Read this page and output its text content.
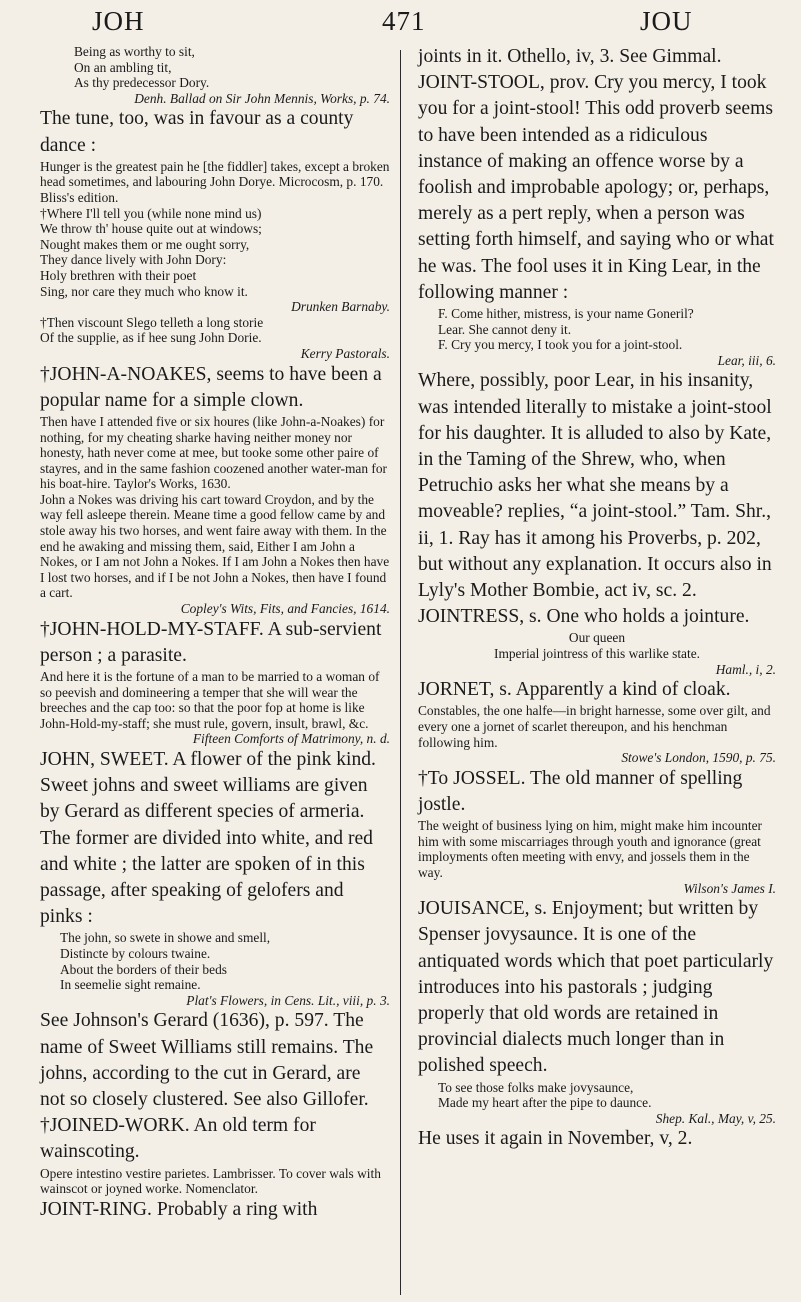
JOH	471	JOU

Being as worthy to sit,

On an ambling tit,

As thy predecessor Dory.

Denh. Ballad on Sir John Mennis, Works, p. 74.

The tune, too, was in favour as a county dance :

Hunger is the greatest pain he [the fiddler] takes, except a broken head sometimes, and labouring John Dorye. Microcosm, p. 170. Bliss's edition.

†Where I'll tell you (while none mind us)

We throw th' house quite out at windows;

Nought makes them or me ought sorry,

They dance lively with John Dory:

Holy brethren with their poet

Sing, nor care they much who know it.

Drunken Barnaby.

†Then viscount Slego telleth a long storie

Of the supplie, as if hee sung John Dorie.

Kerry Pastorals.

†JOHN-A-NOAKES, seems to have been a popular name for a simple clown.

Then have I attended five or six houres (like John-a-Noakes) for nothing, for my cheating sharke having neither money nor honesty, hath never come at mee, but tooke some other paire of stayres, and in the same fashion coozened another water-man for his boat-hire. Taylor's Works, 1630.

John a Nokes was driving his cart toward Croydon, and by the way fell asleepe therein. Meane time a good fellow came by and stole away his two horses, and went faire away with them. In the end he awaking and missing them, said, Either I am John a Nokes, or I am not John a Nokes. If I am John a Nokes then have I lost two horses, and if I be not John a Nokes, then have I found a cart.

Copley's Wits, Fits, and Fancies, 1614.

†JOHN-HOLD-MY-STAFF. A sub-servient person ; a parasite.

And here it is the fortune of a man to be married to a woman of so peevish and domineering a temper that she will wear the breeches and the cap too: so that the poor fop at home is like John-Hold-my-staff; she must rule, govern, insult, brawl, &c.

Fifteen Comforts of Matrimony, n. d.

JOHN, SWEET. A flower of the pink kind. Sweet johns and sweet williams are given by Gerard as different species of armeria. The former are divided into white, and red and white ; the latter are spoken of in this passage, after speaking of gelofers and pinks :

The john, so swete in showe and smell,

Distincte by colours twaine.

About the borders of their beds

In seemelie sight remaine.

Plat's Flowers, in Cens. Lit., viii, p. 3.

See Johnson's Gerard (1636), p. 597. The name of Sweet Williams still remains. The johns, according to the cut in Gerard, are not so closely clustered. See also Gillofer.

†JOINED-WORK. An old term for wainscoting.

Opere intestino vestire parietes. Lambrisser. To cover wals with wainscot or joyned worke. Nomenclator.

JOINT-RING. Probably a ring with

joints in it. Othello, iv, 3. See Gimmal.

JOINT-STOOL, prov. Cry you mercy, I took you for a joint-stool! This odd proverb seems to have been intended as a ridiculous instance of making an offence worse by a foolish and improbable apology; or, perhaps, merely as a pert reply, when a person was setting forth himself, and saying who or what he was. The fool uses it in King Lear, in the following manner :

F. Come hither, mistress, is your name Goneril?

Lear. She cannot deny it.

F. Cry you mercy, I took you for a joint-stool.

Lear, iii, 6.

Where, possibly, poor Lear, in his insanity, was intended literally to mistake a joint-stool for his daughter. It is alluded to also by Kate, in the Taming of the Shrew, who, when Petruchio asks her what she means by a moveable? replies, “a joint-stool.” Tam. Shr., ii, 1. Ray has it among his Proverbs, p. 202, but without any explanation. It occurs also in Lyly's Mother Bombie, act iv, sc. 2.

JOINTRESS, s. One who holds a jointure.

Our queen

Imperial jointress of this warlike state.

Haml., i, 2.

JORNET, s. Apparently a kind of cloak.

Constables, the one halfe—in bright harnesse, some over gilt, and every one a jornet of scarlet thereupon, and his henchman following him.

Stowe's London, 1590, p. 75.

†To JOSSEL. The old manner of spelling jostle.

The weight of business lying on him, might make him incounter him with some miscarriages through youth and ignorance (great imployments often meeting with envy, and jossels them in the way.

Wilson's James I.

JOUISANCE, s. Enjoyment; but written by Spenser jovysaunce. It is one of the antiquated words which that poet particularly introduces into his pastorals ; judging properly that old words are retained in provincial dialects much longer than in polished speech.

To see those folks make jovysaunce,

Made my heart after the pipe to daunce.

Shep. Kal., May, v, 25.

He uses it again in November, v, 2.
